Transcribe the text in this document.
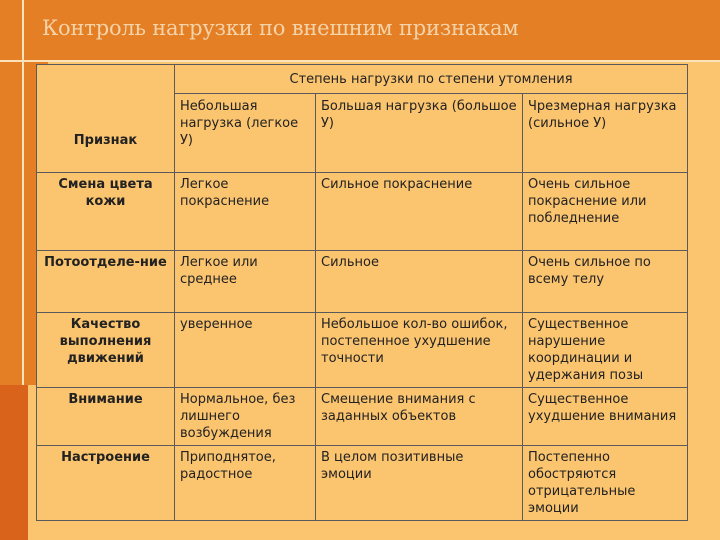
Контроль нагрузки по внешним признакам
Признак	Степень нагрузки по степени утомления		
	Небольшая нагрузка (легкое У)	Большая нагрузка (большое У)	Чрезмерная нагрузка (сильное У)
Смена цвета кожи	Легкое покраснение	Сильное покраснение	Очень сильное покраснение или побледнение
Потоотделе-ние	Легкое или среднее	Сильное	Очень сильное по всему телу
Качество выполнения движений	уверенное	Небольшое кол-во ошибок, постепенное ухудшение точности	Существенное нарушение координации и удержания позы
Внимание	Нормальное, без лишнего возбуждения	Смещение внимания с заданных объектов	Существенное ухудшение внимания
Настроение	Приподнятое, радостное	В целом позитивные эмоции	Постепенно обостряются отрицательные эмоции
